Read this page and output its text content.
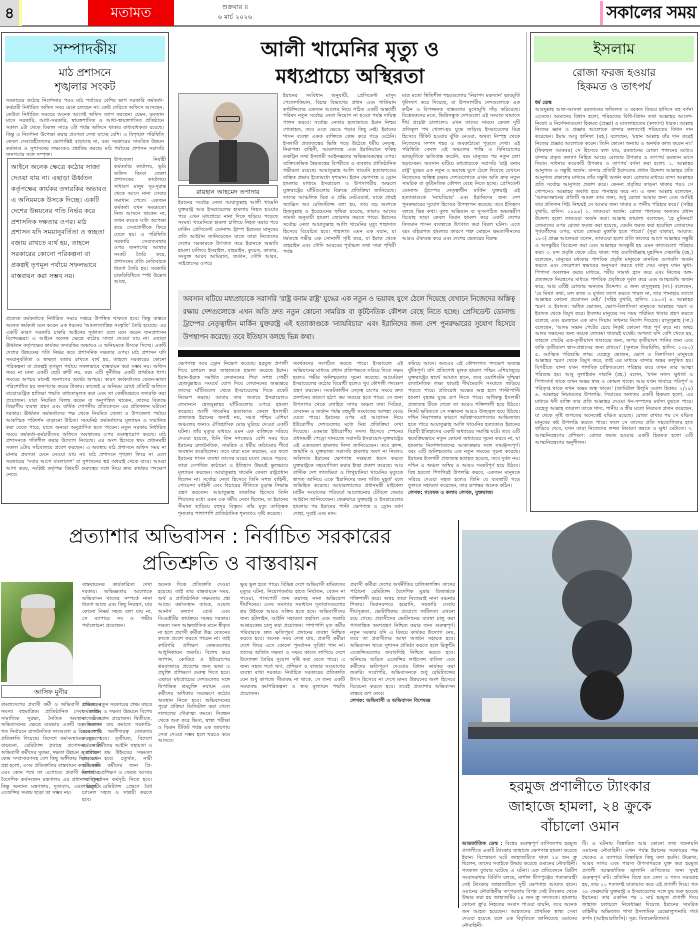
৪	মতামত	শুক্রবার ॥
৬ মার্চ ২০২৬	সকালের সময়
সম্পাদকীয়
মাঠ প্রশাসনে
শৃঙ্খলার সংকট
সরকারের কঠোর নির্দেশনার পরও মাঠ পর্যায়ের বেশির ভাগ সরকারি কর্মকর্তা-কর্মচারী নির্ধারিত অফিস সময় মেনে চলছেন না। কেউ দেরিতে অফিসে আসছেন, কেউবা নির্ধারিত সময়ের অনেক আগেই অফিস ত্যাগ করছেন। যেমন, রমজান মাসে সরকারি, আধা-সরকারি, স্বায়ত্তশাসিত ও আধা-স্বায়ত্তশাসিত প্রতিষ্ঠানে সকাল ৯টা থেকে বিকাল সাড়ে ৩টা পর্যন্ত অফিসে থাকার বাধ্যবাধকতা রয়েছে। কিন্তু এ নির্দেশনা উপেক্ষা করার প্রবণতা দেখা যাচ্ছে বেশি। এ বিশৃঙ্খল পরিস্থিতি কেবল সেবাগ্রহীতাদের ভোগান্তিই বাড়াচ্ছে না, বরং সরকারের সামগ্রিক উন্নয়ন কর্মকাণ্ড ও সুশাসনের লক্ষ্যকেও প্রশ্নবিদ্ধ করছে। মাঠ পর্যায়ের প্রশাসন সরাসরি জনগণের সঙ্গে সম্পৃক্ত।
আইনে অনেক ক্ষেত্রে কঠোর সাজা দেওয়া যায় না। এছাড়া ঊর্ধ্বতন কর্তৃপক্ষের কার্যকর তদারকির অভাবও এ অনিয়মকে উসকে দিচ্ছে। একটি দেশের উন্নয়নের গতি নির্ভর করে প্রশাসনিক দক্ষতার ওপর। মাঠ প্রশাসন যদি সময়ানুবর্তিতা ও স্বচ্ছতা বজায় রাখতে ব্যর্থ হয়, তাহলে সরকারের কোনো পরিকল্পনা বা প্রকল্পই তৃণমূল পর্যায়ে সফলভাবে বাস্তবায়ন করা সম্ভব নয়।
উপজেলা নির্বাহী কর্মকর্তার কার্যালয়, ভূমি অফিস কিংবা জেলা প্রশাসকের কার্যালয়ে সাধারণ মানুষ দূর-দূরান্ত থেকে আসে নানা সেবার সমাধান পেতে। একজন কর্মকর্তা যখন সময়মতো নিজ আসনে থাকেন না, তখন কয়েক ঘণ্টা অপেক্ষা করে সেবাপ্রার্থীকে ফিরে যেতে হয়। এ পরিস্থিতি সরকারি সেবাব্যবস্থার ওপর জনগণের আস্থার সংকট তৈরি করে, প্রশাসনের প্রতি নেতিবাচক ধারণা তৈরি হয়। সরকারি চাকরিবিধিতে স্পষ্ট উল্লেখ আছে,
প্রত্যেক কর্মকর্তাকে নির্ধারিত সময়ে দপ্তরে উপস্থিত থাকতে হবে। কিন্তু বাস্তবে অনেক কর্মকর্তা মনে করেন এক ধরনের 'আমলাতান্ত্রিক সংস্কৃতি' তৈরি হয়েছে। এর একটি কারণ সরকারি চাকরি আইনের দুর্বলতা বলে মনে করেন জনপ্রশাসন বিশেষজ্ঞরা। এ আইনে অনেক ক্ষেত্রে কঠোর সাজা দেওয়া যায় না। এছাড়া ঊর্ধ্বতন কর্তৃপক্ষের কার্যকর তদারকির অভাবও এ অনিয়মকে উসকে দিচ্ছে। একটি দেশের উন্নয়নের গতি নির্ভর করে প্রশাসনিক দক্ষতার ওপর। মাঠ প্রশাসন যদি সময়ানুবর্তিতা ও স্বচ্ছতা বজায় রাখতে ব্যর্থ হয়, তাহলে সরকারের কোনো পরিকল্পনা বা প্রকল্পই তৃণমূল পর্যায়ে সফলভাবে বাস্তবায়ন করা সম্ভব নয়। অফিস সময় না মানা একটি ছোট ত্রুটি নয়, বরং এটি দুর্নীতির একটি প্রাথমিক ধাপ। সময়ের অপচয় মানেই জনগণের অর্থের অপচয়। কারণ কর্মকর্তাদের বেতন-ভাতা পরিশোধিত হয় জনগণের করের টাকায়। কাজেই এ অনিয়ম রোধে প্রতিটি অফিসে বায়োমেট্রিক হাজিরা পদ্ধতি বাধ্যতামূলক করা এবং তা কেন্দ্রীয়ভাবে তদারকি করা প্রয়োজন। যারা নিয়মিত বিলম্ব করেন বা অনুপস্থিত থাকেন, তাদের বিরুদ্ধে বিভাগীয় ব্যবস্থা গ্রহণ এবং বার্ষিক গোপনীয় প্রতিবেদনে এর প্রতিফলন ঘটানো দরকার। ঊর্ধ্বতন কর্মকর্তাদের পক্ষ থেকে নিয়মিত জেলা ও উপজেলা পর্যায়ে আকস্মিক পরিদর্শন বাড়ানো উচিত। সময়নিষ্ঠ কর্মকর্তাদের মূল্যায়ন ও সম্মানিত করা যেতে পারে, যাতে অন্যরা অনুপ্রাণিত হতে পারেন। নতুন সরকার নির্ধারিত সময়ে কর্মকর্তা-কর্মচারীদের অফিসে অবস্থানের ওপর গুরুত্বারোপ করছে। মাঠ প্রশাসনকে গতিশীল করার উদ্যোগ নিয়েছে। এর অংশ হিসেবে স্বয়ং প্রধানমন্ত্রী সকাল ৯টায় সচিবালয়ে প্রবেশ করছেন। এ অবস্থায় মাঠ প্রশাসনে অফিস সময় না মানার প্রবণতা মেনে নেওয়া যায় না। মাঠ প্রশাসনে শৃঙ্খলা ফিরে না এলে সরকারের 'সবার আগে বাংলাদেশ' বা সুশাসনের স্বপ্ন অধরাই থেকে যাবে। আমরা আশা করব, সংশ্লিষ্ট কর্তৃপক্ষ বিষয়টি গুরুত্বের সঙ্গে নিয়ে দ্রুত কার্যকর পদক্ষেপ নেবে।
আলী খামেনির মৃত্যু ও
মধ্যপ্রাচ্যে অস্থিরতা
রায়হান আহমেদ তপাদার
ইরানের সর্বোচ্চ নেতা আয়াতুল্লাহ আলী খামেনি যুক্তরাষ্ট্র আর ইসরায়েলের হামলায় নিহত হওয়ার পরে এখন মধ্যপ্রাচ্যে নানা দিকে ছড়িয়ে পড়েছে সংঘর্ষ। খামেনিকে হামলা চালিয়ে নিহত করার পরে মার্কিন প্রেসিডেন্ট ডোনাল্ড ট্রাম্প ইরানের মানুষের প্রতি আহ্বান জানিয়েছেন যাতে তারা নিজেদের দেশের সরকারকে উৎখাত করে ইরানকে অভাবি হামলা চালিয়ে ইসরাইল, বাহরাইন, কুয়েত, কাতার, সংযুক্ত আরব আমিরাত, জর্ডান, সৌদি আরব, সাইপ্রাসের ওপরে
ইরানের সংবিধান অনুযায়ী, প্রেসিডেন্ট মাসুদ পেজেশকিয়ান, বিচার বিভাগের প্রধান এবং গার্ডিয়ান কাউন্সিলের একজন আলেম নিয়ে গঠিত একটি অন্তর্বর্তী পরিষদ নতুন সর্বোচ্চ নেতা নিয়োগ না হওয়া পর্যন্ত দায়িত্ব পালন করবে। সর্বোচ্চ নেতার হত্যাকাণ্ডে ইরান নিশ্চয় শোকাহত, তবে এতে ভেঙে পড়ার কিছু নেই। ইরানের শাসন ব্যবস্থা একক ব্যক্তিকে কেন্দ্র করে গড়ে ওঠেনি। ইসলামী প্রজাতন্ত্রের ভিত্তি গড়ে উঠেছে ধর্মীয় নেতৃত্ব, নিরাপত্তা বাহিনী, আমলাতন্ত্র এবং ইরানিয়ানে ফকিহ ডকট্রিন তথা ইসলামী আইনজ্ঞদের অভিভাবকত্বের ওপর। ব্যক্তিকেন্দ্রিক স্বৈরতন্ত্রের বিপরীতে এ ব্যবস্থায় প্রাতিষ্ঠানিক গভীরতা রয়েছে। আয়াতুল্লাহ আলি খামেনি হত্যাকাণ্ডের বাস্তিক প্রভাব ইতোমধ্যে দৃশ্যমান। ইরান ক্ষেপণাস্ত্র ও ড্রোন হামলার মাধ্যমে ইসরায়েল ও উপসাগরীয় অঞ্চলে যুক্তরাষ্ট্রের ঘাঁটিগুলোর বিরুদ্ধে প্রতিক্রিয়া জানিয়েছে। তাদের আঞ্চলিক মিত্র ও প্রক্সি নেটওয়ার্ক, যাকে প্রায়ই অ্যাক্সিস অব রেজিস্ট্যান্স বলা হয়, তার বড় অংশকে হিজবুল্লাহ ও ইয়েমেনের হুথিরা রয়েছে, তারাও আদের সামর্থ্য অনুযায়ী হামলা জোরদার করতে পারে। ইরানের সর্বোচ্চ নেতা আয়াতুল্লাহ আলি খামেনির মৃত্যু শাহাদাত হিসেবে বিবেচিত হবে। শাহাদাত এমন এক বয়ান, যা ধর্মতন্ত্রে গভীর এক সোনালী সৃষ্টি করে, যা ইরাক থেকে বাহরাইন এবং সৌদি আরবের পূর্বাঞ্চল তথা সারা পৃথিবী পর্যন্ত
মাত্র মতো স্থিতিশীল শহরগুলোর 'নিরাপদ মরূদ্যান' ভাবমূর্তি ধূলিসাৎ করে দিয়েছে, যা উপসাগরীয় দেশগুলোকে এক কঠিন ও বিপজ্জনক বাস্তবতার মুখোমুখি দাঁড় করিয়েছে। বিশ্লেষকদের মতে, ভিন্নিসন্ধুক দেশগুলো এই সংঘাত থামাতে দীর্ঘ প্রচেষ্টা চালালেও এখন তাদের সামনে কেবল দুটি প্রতিকূল পথ খোলা-হয় যুদ্ধে জড়িয়ে ইসরায়েলের মিত্র হিসেবে টিকিট হওয়ার ঝুঁকি নেওয়া, অথবা নিস্পৃহ থেকে নিজেদের সম্পদ শহর ও অবকাঠামো পুড়তে দেখা। এই পরিস্থিতি কেবল এই অঞ্চলের শান্তি ও বিনিয়োগের ভাবমূর্তিকে ক্ষতিগ্রস্ত করেনি, বরং মানুষের পর নতুন চলা ছড়াচ্ছেন। অবসান ঘটিয়ে মধ্যপ্রাচ্যকে সরাসরি 'রাষ্ট্র বনাম রাষ্ট্র' যুদ্ধের এক নতুন ও ভয়াবহ যুগে ঠেলে দিয়েছে যেখানে নিজেদের অস্তিত্ব রক্ষায় দেশগুলোকে এখন অতি দ্রুত নতুন সামরিক বা কূটনৈতিক কৌশল বেছে নিতে হচ্ছে। প্রেসিডেন্ট ডোনাল্ড ট্রাম্পের নেতৃত্বাধীন মার্কিন যুক্তরাষ্ট্র এই হত্যাকাণ্ডকে 'ন্যায়বিচার' এবং ইরানিদের জন্য দেশ পুনরুদ্ধারের সুযোগ হিসেবে উপস্থাপন করেছে। তবে ইতিহাস বলছে ভিন্ন কথা। তুল্য অভিযান বা সুসংগঠিত অভ্যন্তরীণ বিদ্রোহ ছাড়া কেবল বিমান হামলা করে একটি দেশের বিদ্যমান শাসন ব্যবস্থাকে উৎখাত করা বিরল ঘটনা। এতে বরং বহিরাগত হামলার কারণে শত্রু মোহনে ক্ষমতাসীনদের আরও ঐক্যবদ্ধ করে এবং দেশের ভেতরের বিরুদ্ধ
অবসান ঘটিয়ে মধ্যপ্রাচ্যকে সরাসরি 'রাষ্ট্র বনাম রাষ্ট্র' যুদ্ধের এক নতুন ও ভয়াবহ যুগে ঠেলে দিয়েছে যেখানে নিজেদের অস্তিত্ব রক্ষায় দেশগুলোকে এখন অতি দ্রুত নতুন কোনো সামরিক বা কূটনৈতিক কৌশল বেছে নিতে হচ্ছে। প্রেসিডেন্ট ডোনাল্ড ট্রাম্পের নেতৃত্বাধীন মার্কিন যুক্তরাষ্ট্র এই হত্যাকাণ্ডকে 'ন্যায়বিচার' এবং ইরানিদের জন্য দেশ পুনরুদ্ধারের সুযোগ হিসেবে উপস্থাপন করেছে। তবে ইতিহাস বলছে ভিন্ন কথা।
ক্ষেপণাস্ত্র আর ড্রোন নিক্ষেপ করেছে। হরমুজ প্রণালী দিয়ে চলাচল করা জাহাজকে হামলা করেছে ইরান। ইরান-ইরাক সমর্থিত লেবাননের শিয়া সশস্ত্র গোষ্ঠী হেজবুল্লাহও সংঘর্ষে যোগ দিয়ে লেবাননের অভ্যন্তরে তাদের ঘাঁটিগুলো থেকে ইসরায়েলের দিকে রকেট নিক্ষেপ করছে। আবার তার জবাবে ইসরায়েলও লেবাননে হেজবুল্লাহর ঘাঁটিগুলোর ওপরে হামলা করেছে। আলী খামেনির হত্যাকাণ্ড কেবল ইসলামী প্রজাতন্ত্র ইরানের জন্যই নয়, সমগ্র পশ্চিম এশিয়া অঞ্চলের জন্যও ঐতিহাসিক মোড় ঘুরিয়ে দেওয়া একটি ঘটনা। তাঁর মৃত্যুর মাধ্যমে এমন এক ব্যক্তিকে সরিয়ে দেওয়া হয়েছে, যিনি তিন দশকেরও বেশি সময় ধরে ইরানের রাজনৈতিক, সামরিক ও ধর্মীয় কাঠামোর শীর্ষে অবস্থান করেছিলেন। তবে যারা মনে করছেন, এর ফলে ইরানের শাসন ব্যবস্থা তাসের ঘরের মতো ভেঙে পড়বে; তারা সেপথিত কাঠামো ও ইতিহাস উভয়ই ভুলভাবে মূল্যায়ন করছেন। আয়াতুল্লাহ খামেনি কেবল রাষ্ট্রপ্রধান ছিলেন না। সর্বোচ্চ নেতা হিসেবে তিনি সশস্ত্র বাহিনী, গোয়েন্দা বাহিনী এবং বিচারের নীতিতে চূড়ান্ত সিদ্ধান্ত গ্রহণ করতেন। আয়াতুল্লাহ তাকফির হিসেবে তিনি শিয়াদের মধ্যে এমন এক ধর্মীয় নেতা ছিলেন, যা ইরানের সীমানা ছাড়িয়ে বহুদূর বিস্তৃত। তাঁর মৃত্যু তাত্ত্বিক শূন্যতার পাশাপাশি প্রাতিষ্ঠানিক শূন্যতাও সৃষ্টি করেছে।
সমর্থকদের সংগঠিত করতে পারে। ইসরায়েল এই অভিযানের মাধ্যমে প্রধান প্রতিপক্ষকে সরিয়ে দিতে সক্ষম হলেও গভীর অনিশ্চয়তার সূচনা করেছে। আমেরিকা ইসরায়েলের কঠোর বিরোধী হলেও খুব কৌশলী পদক্ষেপ গ্রহণ করবেন। সংকটকালীন নেতৃত্ব চাপের সময়ে দ্রুত প্রদর্শনের কারণে হঠাৎ কম সময়ের হতে পারে। সে জন্য উপসাগর থেকে লোহিত সাগর অঞ্চল তথা সিরিয়া, লেবানন ও জর্ডান পর্যন্ত বহুমুখী সংঘাতের আশঙ্কা বেড়ে যেতে পারে। ইরানের ওপর এই আগ্রাসন নিয়ে ইউরোপীয় দেশগুলোর মধ্যে মিশ্র প্রতিক্রিয়া দেখা দিয়েছে। একমাত্র ইউরোপীয় সদস্য হিসেবে স্পেনের প্রধানমন্ত্রী পেড্রো সানচেজ সরাসরি ইসরায়েল-যুক্তরাষ্ট্রের এই একতরফা হামলার নিন্দা জানিয়েছেন। তবে ফ্রান্স, জার্মানি ও যুক্তরাজ্য সরাসরি হামলায় অংশ না নিলেও অবিলম্বে ইরানের ক্ষেপণাস্ত্র সক্ষমতা ধ্বংস করতে যুক্তরাষ্ট্রকে সহযোগিতা করার ইচ্ছা প্রকাশ করেছে। আর বাল্টিক দেশ লাতভিয়া ও লিথুয়ানিয়া খামেনির মৃত্যুকে স্বাগত জানিয়ে একে 'ইরানিদের জন্য গর্বিত মুহূর্ত' বলে অভিহিত করেছে। আয়ারল্যান্ডের প্রধানমন্ত্রী মাইকেল মার্টিন সংঘাতের পরিবর্তে আলোচনার টেবিলে ফেরার আহ্বান জানিয়েছেন। ফেব্রুয়ারে যুক্তরাষ্ট্র ও ইসরায়েলের হামলার পর ইরানের পাল্টা ক্ষেপণাস্ত্র ও ড্রোন বর্ষণ দোহা, দুবাই এবং মান-
কমিয়ে আনে। অতএব এই কৌশলগত পদক্ষেপ অত্যন্ত ঝুঁকিপূর্ণ। যদি প্রতিশোধ মূলক হামলা পশ্চিম এশিয়াজুড়ে যুক্তরাষ্ট্রের স্বার্থে আঘাত হানে, তবে ওয়াশিংটন দুশ্চিন্তা রাজনৈতিক লক্ষ্য ছাড়াই দীর্ঘমেয়াদি সংঘাতে জড়িয়ে পড়তে পারে। প্রতিরোধ অক্ষের অল্প হলে পাল্টাপাল্টি হামলা বৃহত্তর যুদ্ধে রূপ নিতে পারে। অধিকন্তু ইসলামী প্রজাতন্ত্র টিকে গেলে তা আরও শক্তিশালী হয়ে উঠবে। নিকট ভবিষ্যতে সে সম্ভাবনা আরও উজ্জ্বল হয়ে উঠছে। দখিন নিরাপত্তার কারণে অবিশ্বাসযোগ্যতার আভিজাত্য হতে পারে আয়াতুল্লাহ আলি খামেনির হত্যাকাণ্ড ইরানের বিপ্লবী ইতিহাসের একটি অধ্যায়ের সমাপ্তি ঘটে। তবে এটি স্বয়ংক্রিয়ভাবে নতুন কোনো অধ্যায়ের সূচনা করবে না, যা হামলার নির্দেশদাতাদের আকাঙ্ক্ষার সঙ্গে সামঞ্জস্যপূর্ণ। বরং এটি অনিশ্চয়তার এক নতুন সময়ের সূচনা করেছে। ইরানের ইসলামী প্রজাতন্ত্র হতাহত হয়েছে, তবে দুর্বল নয়। দখিন এ অঞ্চল অস্থির ও আরও সংকটপূর্ণ হয়ে উঠবে। বিশ্ব হয়তো শিগগিরই উপলব্ধি করবে, একজন মানুষকে সরিয়ে দেওয়া সহজ হলেও তিনি যে ব্যবস্থাটি গড়ে তুলতে সহায়তা করেছেন, তার রূপান্তর অনেক কঠিন।
লেখক: গবেষক ও কলাম লেখক, যুক্তরাজ্য
ইসলাম
রোজা ফরজ হওয়ার
হিকমত ও তাৎপর্য
ধর্ম ডেস্ক
আবদুল্লাহ আল-আসফা রমজানের ফজিলত ও বরকত বিষয়ে হাদিসে বহু বর্ণনা এসেছে। আমাদের বিশ্বাস হলো, শরিয়তের বিধি-বিধান তথা আল্লাহর আদেশ-নিষেধ ও নির্দেশনাগুলো হিকমত (প্রজ্ঞা) ও মাসলাহাতের (কল্যাণ) ধারক। আল্লাহ নিজের জ্ঞান ও প্রজ্ঞার আলোকে বান্দার কল্যাণেই শরিয়তের বিধান দান করেছেন। ইমাম আবু হানিফা (রহ.) বলেছেন, 'মহান আল্লাহ যাঁর দান করেই নিজের প্রজ্ঞার আলোকে করেন। তিনি কোনো অন্যায় ও অনর্থক কাজ করেন না।' (ফিকহুল আকবর) সে হিসেবে বলা যায়, রমজানের রোজা পালনের মধ্যেও বান্দার প্রকৃত কল্যাণ নিহিত আছে। রোজার উপকার ও তাৎপর্য রমজান মাসে সিয়াম সাধনার কয়েকটি উপকার ও তাৎপর্য বর্ণনা করা হলো: ১. আল্লাহর আনুগত্য ও সন্তুষ্টি অর্জন: বান্দার প্রতিটি ইবাদতের প্রধান উদ্দেশ্য আল্লাহর প্রতি আনুগত্য প্রকাশের মাধ্যমে তাঁর সন্তুষ্টি অর্জন করা। রোজার মাধ্যমে বান্দা আল্লাহর প্রতি সর্বোচ্চ আনুগত্য প্রকাশ করে। কেননা প্রবৃত্তির তাড়না থাকার পরও সে গোপনেও আল্লাহর অবাধ্য হয়ে পানাহার করে না। এ জন্য আল্লাহ বলেছেন, 'আদমসন্তানের প্রতিটি আমল তার জন্য, শুধু রোজা আমার জন্য এবং আমিই তার প্রতিদান দিই। নিশ্চয়ই সে আমার জন্য খাবার ও পানীয় পরিহার করে।' (সহিহ বুখারি, হাদিস: ১৮৯৪) ২. তাকওয়া অর্জন: রোজা পালনের অন্যতম প্রধান উদ্দেশ্য হলো তাকওয়া অর্জন করা। আল্লাহ তায়ালা বলেছেন, 'হে মুমিনরা! তোমাদের ওপর রোজা ফরজ করা হয়েছে, যেমনি ফরজ করা হয়েছিল তোমাদের পূর্ববর্তীদের ওপর, যাতে তোমরা মুত্তাকি হতে পারো।' (সুরা বাকারা, আয়াত: ১৮৩) প্রাজ্ঞ আলেমরা বলেন, তাকওয়া হলো প্রতি কাজের আগে আল্লাহর সন্তুষ্টি ও অসন্তুষ্টির বিবেচনা করা এবং আল্লাহর অসন্তুষ্টি হয় এমন কাজগুলো পরিহার করা। ৩. মন্দ প্রবৃত্তি থেকে বেঁচে থাকা: শাহ ওয়ালিউল্লাহ মুহাদ্দিস দেহলভি (রহ.) বলেছেন, মানুষের মধ্যকার পাশবিক প্রবৃত্তি মানুষকে মানবিক গুণাবলি অর্জন করতে এবং ফেরেশতা স্বভাবের অনুসরণ করতে বাধা দেয়। মানুষ যখন ক্ষুধা-পিপাসা অবলম্বন করার মাধ্যমে, শরীর সামর্থ্য হ্রাস করে এবং নিজের অঙ্গ-প্রত্যঙ্গকে নিয়ন্ত্রণের মাধ্যমে পাশবিক প্রবৃত্তিকে দুর্বল করে এবং আত্মশুদ্ধি অর্জন করে, আর এটিই রোজার অন্যতম উদ্দেশ্য। এ জন্য রাসুলুল্লাহ (সা.) বলেছেন, 'যে মিথ্যা কথা, মন্দ কাজ ও মূর্খতা ত্যাগ করতে পারল না, তার পানাহার ত্যাগে আল্লাহর কোনো প্রয়োজন নেই।' (সহিহ বুখারি, হাদিস: ১৯০৩) ৪. আল্লাহর স্মরণ ও ইবাদত: অধিক ভোজন, ভোগ-বিলাসিতা মানুষকে আল্লাহর স্মরণ ও ইবাদত থেকে বিমুখ করে। ইসলাম মানুষের সব সময় পরিমিত খাবার গ্রহণ করতে বলেছে এবং রমজানে এক মাস সিয়াম সাধনার নির্দেশ দিয়েছে। রাসুলুল্লাহ (সা.) বলেছেন, 'আদম সন্তান পেটের চেয়ে নিকৃষ্ট কোনো পাত্র পূর্ণ করে না। অথচ আদম সন্তানের জন্য কয়েক লোকমা খাবারই যথেষ্ট। অগত্যা যদি বেশি খেতে হয়, তাহলে পেটের এক-তৃতীয়াংশ খাবারের জন্য, অপর তৃতীয়াংশ পানির জন্য এবং বাকি তৃতীয়াংশ শ্বাস-প্রশ্বাসের জন্য রাখবে।' (সুনানে তিরমিজি, হাদিস: ২৩৮০) ৫. আত্মিক পরিশুদ্ধি লাভ: যেহেতু ভোজন, ভোগ ও বিলাসিতা মানুষকে আল্লাহর স্মরণ থেকে বিমুখ করে, তাই এর মাধ্যমে বান্দার অন্তর কলুষিত হয়। বিপরীতে বান্দা যখন পাশবিক চাহিদাগুলো পরিহার করে তখন তার আত্মা পরিশুদ্ধ হয়। আবু সুলাইমান দারানি (রহ.) বলেন, 'যখন নফস ক্ষুধার্ত ও পিপাসার্ত থাকে তখন অন্তর স্বচ্ছ ও কোমল থাকে। আর যখন খাবারে পরিপূর্ণ ও পরিতৃপ্ত থাকে তখন অন্তর অন্ধ থাকে।' (জামিউল উলুমি ওয়াল হিকাম: ২/২৯) ৬. আল্লাহর নিয়ামতের উপলব্ধি: সিয়ামের অন্যতম একটি হিকমত হলো, এর মাধ্যমে ধনী ব্যক্তি তার প্রতি আল্লাহর দেওয়া ধন-সম্পদের মর্যাদা বুঝতে পারে। যেহেতু আল্লাহ তায়ালা তাকে খাদ্য, পানীয় ও স্ত্রীর মতো নিয়ামত প্রদান করেছেন, যা থেকে সৃষ্টি জগতের অনেকেই বঞ্চিত রয়েছে। রোজা রাখার পর সে বঞ্চিত মানুষের কষ্ট উপলব্ধি করতে পারে। ফলে সে তাদের প্রতি সহযোগিতার হাত বাড়িয়ে দেবে, যখন তারা নিজেদের লজ্জা নিবারণ করতে ও ক্ষুধা মেটাতে। ৭. আত্মনিয়ন্ত্রণের প্রশিক্ষণ: রোজা ফরজ হওয়ার একটি হিকমত হলো এটি আত্মনিয়ন্ত্রণের অনুশীলন।
প্রত্যাশার অভিবাসন : নির্বাচিত সরকারের
প্রতিশ্রুতি ও বাস্তবায়ন
আসিফ মুনীর
বাংলাদেশের প্রবাসী কর্মী ও অভিবাসী শ্রমিকদের সমস্যা বহুমাত্রিক। প্রাতিষ্ঠানিক সেবা প্রাপ্তি, সামাজিক সুরক্ষা, নৈতিক অবস্থান এবং অভিবাসনের ক্ষেত্রে ব্যয়ভার একটি বড় সমস্যা। গত নির্বাচনে রাজনৈতিক দলগুলো এ বিষয়ে স্পষ্ট প্রতিশ্রুতি দিয়েছে। বিদেশে কর্মসংস্থানের সুযোগ বাড়ানো, রেমিট্যান্স প্রবাহে প্রণোদনা, নারী অভিবাসী কর্মীদের সুরক্ষা, দক্ষতা উন্নয়ন ও প্রশিক্ষণ কেন্দ্র সম্প্রসারণসহ বেশ কিছু অঙ্গীকার ছিল। এখন প্রশ্ন হলো, এসব প্রতিশ্রুতির বাস্তবায়ন কতটা সম্ভব এবং কোন পথে তা এগোবে। প্রবাসী কল্যাণ ও বৈদেশিক কর্মসংস্থান মন্ত্রণালয় এর প্রধান দায়িত্বে। কিন্তু অন্যান্য মন্ত্রণালয়, দূতাবাস, এবং রিক্রুটিং এজেন্সির সমন্বয় ছাড়া তা সম্ভব নয়।
বাস্তবায়নের কার্যকারিতা দেখা দরকার। অভিজ্ঞতার আলোকে অভিবাসন খাতের সম্পর্কে নানা ধারণা আছে এবং কিছু নিয়ন্ত্রণ, যার কোনো নিষ্কর্ষ সহজ বলা যায় না, সে ব্যাপারে সব ও গভীর পর্যালোচনা প্রয়োজন।
প্রথমত, নতুন সরকারের প্রথম বছরে কর্মসংস্থান ও দক্ষতা উন্নয়নে বিশেষ বাজেট বরাদ্দ প্রয়োজন। দ্বিতীয়ত, অভিবাসন ব্যয় কমাতে সরকারি-বেসরকারি অংশীদারত্ব জোরদার করতে হবে। তৃতীয়ত, বিদেশে কর্মরত কর্মীদের আইনি সহায়তা ও দূতাবাসে শ্রম উইংয়ের সক্ষমতা বাড়াতে হবে। চতুর্থত, নারী অভিবাসী কর্মীদের জন্য প্রি-ডিপার্চার প্রশিক্ষণ ও ফেরত আসার পর পুনর্বাসন কর্মসূচি নিতে হবে। পঞ্চমত, রেমিট্যান্স প্রেরণে বৈধ চ্যানেল সহজ ও সাশ্রয়ী করতে হবে।
অনেক দিকে প্রতিশ্রুতি দেওয়া হয়েছে। তাই তার বাস্তবায়নে সময়, অর্থ ও প্রাতিষ্ঠানিক সক্ষমতার প্রশ্ন আছে। কর্মসংস্থান ব্যাংক, ওয়েজ আর্নার্স কল্যাণ বোর্ড এবং বিএমইটির কার্যক্রমে সমন্বয় দরকার। দক্ষতা সনদ আন্তর্জাতিক মানে স্বীকৃত না হলে প্রবাসী কর্মীরা উচ্চ বেতনের কাজে প্রবেশ করতে পারেন না। তাই কারিগরি প্রশিক্ষণ কেন্দ্রগুলোর আধুনিকায়ন জরুরি। বিশেষ করে জাপান, কোরিয়া ও ইউরোপের শ্রমবাজারে প্রবেশের জন্য ভাষা ও প্রযুক্তি প্রশিক্ষণে গুরুত্ব দিতে হবে। এছাড়া মধ্যপ্রাচ্যের দেশগুলোর সঙ্গে দ্বিপাক্ষিক শ্রমচুক্তি নবায়ন এবং কর্মীদের অধিকার সংরক্ষণে কঠোর অবস্থান নিতে হবে। অভিবাসনের পুরো প্রক্রিয়া ডিজিটাল করা গেলে দালালের দৌরাত্ম্য কমবে। নিবন্ধন থেকে শুরু করে ভিসা, স্বাস্থ্য পরীক্ষা ও বিমান টিকিট পর্যন্ত এক জায়গায় সেবা দেওয়া সম্ভব হলে খরচও কমে আসবে।
ক্ষুদ্র ভুল হতে পারে। বিভিন্ন দেশে অভিবাসী শ্রমিকদের মৃত্যুর ঘটনা, নিয়োগকর্তার হাতে নির্যাতন, বেতন না পাওয়া, পাসপোর্ট জব্দ করাসহ নানা অভিযোগ দীর্ঘদিনের। এসব সমস্যার সমাধানে দূতাবাসগুলোর শ্রম উইংকে আরও সক্রিয় হতে হবে। অভিবাসীদের জন্য হটলাইন, আইনি সহায়তা তহবিল এবং জরুরি আশ্রয়কেন্দ্র চালু করা প্রয়োজন। পাশাপাশি মৃত কর্মীর পরিবারকে দ্রুত ক্ষতিপূরণ প্রদানের ব্যবস্থা নিশ্চিত করতে হবে। অনেক সময় দেখা যায়, প্রবাসী কর্মীরা দেশে ফিরে এসে কোনো পুনর্বাসন সুবিধা পান না। তাদের অর্জিত দক্ষতা ও সঞ্চয় কাজে লাগিয়ে দেশে উদ্যোক্তা তৈরির সুযোগ সৃষ্টি করা যেতে পারে। এ জন্য সহজ শর্তে ঋণ, প্রশিক্ষণ ও বাজার সংযোগের ব্যবস্থা রাখা দরকার। নির্বাচিত সরকারের প্রতিশ্রুতি যেন শুধু কাগজে সীমাবদ্ধ না থাকে, সে জন্য একটি সময়াবদ্ধ কর্মপরিকল্পনা ও স্বচ্ছ মূল্যায়ন পদ্ধতি প্রয়োজন।
প্রবাসী কর্মীরা দেশের অর্থনীতির চালিকাশক্তি। তাদের পাঠানো রেমিট্যান্স বৈদেশিক মুদ্রার রিজার্ভকে শক্তিশালী করে। অথচ তারা নিজেরাই নানা বঞ্চনার শিকার। বিমানবন্দরে হয়রানি, সরকারি সেবায় দীর্ঘসূত্রতা, ভোটাধিকার প্রয়োগে জটিলতা এখনো রয়ে গেছে। প্রবাসীদের ভোটদানের ব্যবস্থা চালু করা গণতান্ত্রিক অংশগ্রহণ নিশ্চিত করার জন্য গুরুত্বপূর্ণ। নতুন সরকার যদি এ বিষয়ে কার্যকর উদ্যোগ নেয়, তবে তা প্রবাসীদের আস্থা অর্জনে সহায়ক হবে। অভিবাসন খাতে সুশাসন প্রতিষ্ঠা করতে হলে রিক্রুটিং এজেন্সিগুলোর জবাবদিহি নিশ্চিত করতে হবে। অনিয়মে জড়িত এজেন্সির লাইসেন্স বাতিল এবং কর্মীদের ক্ষতিপূরণ দেওয়ার বিধান কার্যকর করা জরুরি। সর্বোপরি, অভিবাসনকে শুধু রেমিট্যান্সের উৎস হিসেবে না দেখে মানব উন্নয়নের অংশ হিসেবে বিবেচনা করতে হবে। তবেই প্রত্যাশার অভিবাসন বাস্তবে রূপ নেবে।
লেখক: অভিবাসী ও অভিবাসন বিশেষজ্ঞ
হরমুজ প্রণালীতে ট্যাংকার
জাহাজে হামলা, ২৪ ক্রুকে
বাঁচালো ওমান
আন্তর্জাতিক ডেস্ক : বিশ্বের গুরুত্বপূর্ণ বাণিজ্যপথ হরমুজ প্রণালীতে একটি ট্যাংকার জাহাজে ক্ষেপণাস্ত্র হামলা করেছে ইরান। বিস্ফোরণ ঘটে জাহাজটিতে থাকা ২৪ জন ক্রু ছিলেন, তাদের সবাইকে উদ্ধার করেছে ওমানের নৌবাহিনী। গতকাল বুধবার ঘটেছে এ ঘটনা। এক প্রতিবেদনে ব্রিটিশ সংবাদমাধ্যম বিবিসি বলছে, মার্শাল দ্বীপপুঞ্জের পতাকাবাহী সেই ট্যাংকার জাহাজটিতে দুটি ক্ষেপণাস্ত্র আঘাত হানে। ওমানের নৌবাহিনীর তৎপরতায় বিপন্ন সেই ট্যাংকার থেকে উদ্ধার করা হয় জাহাজটির ২৪ জন ক্রু সদস্যকে। হামলায় কোনো ক্রু'র নিহতের সংবাদ পাওয়া যায়নি, তবে অনেক জন আহত হয়েছেন। আহতদের প্রাথমিক স্বাস্থ্য সেবা দেওয়া হয়েছে বলে এক বিবৃতিতে জানিয়েছে ওমানের নৌবাহিনী-
টি। এ ঘটনায় বিস্তারিত আর কোনো তথ্য জানায়নি ওমানের নৌবাহিনী। এখন পর্যন্ত ইরানের সরকারের পক্ষ থেকেও এ ব্যাপারে বিস্তারিত কিছু বলা হয়নি। উল্লেখ্য, আরব সাগর এবং পারস্য উপসাগরকে যুক্ত করা হরমুজ প্রণালী আন্তর্জাতিক জ্বালানি বাণিজ্যের জন্য খুবই গুরুত্বপূর্ণ রুট। প্রতিদিন বিশ্বে যত তেল ও গ্যাস সরবরাহ হয়, তার ২০ শতাংশই যাতায়াত করে এই প্রণালী দিয়ে। গত ২৮ ফেব্রুয়ারি যুক্তরাষ্ট্র ও ইসরায়েলের সঙ্গে যুদ্ধ শুরু হয়েছে ইরানের। তার একদিন পর ১ মার্চ হরমুজ প্রণালী দিয়ে জাহাজ চলাচলে নিষেধাজ্ঞা দিয়েছে ইরানের সামরিক বাহিনীর অভিজাত শাখা ইসলামিক রেভোল্যুশনারি গার্ড কর্পস (আইআরজিসি)। সূত্র: বিজনেস্ট্যান্ডার্ড
